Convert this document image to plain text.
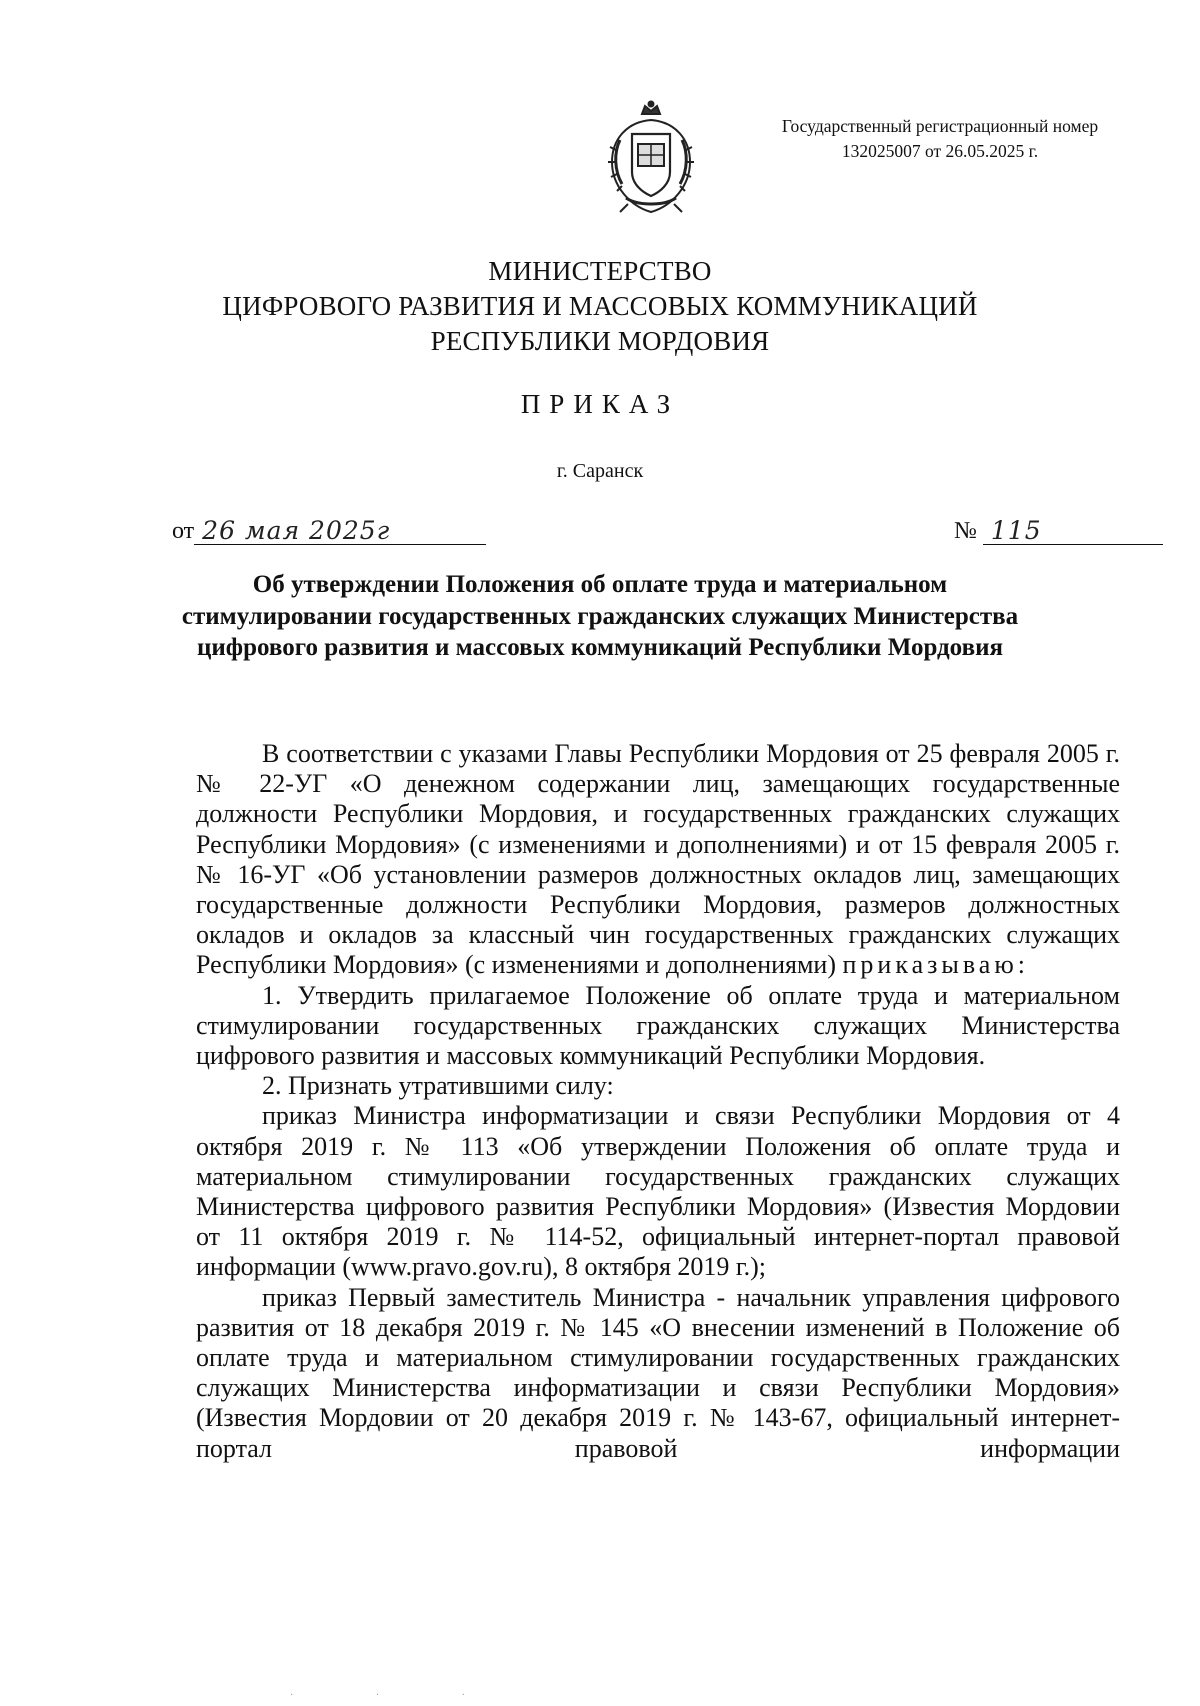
Государственный регистрационный номер
132025007 от 26.05.2025 г.
МИНИСТЕРСТВО
ЦИФРОВОГО РАЗВИТИЯ И МАССОВЫХ КОММУНИКАЦИЙ
РЕСПУБЛИКИ МОРДОВИЯ
ПРИКАЗ
г. Саранск
от 26 мая 2025г	№ 115
Об утверждении Положения об оплате труда и материальном стимулировании государственных гражданских служащих Министерства цифрового развития и массовых коммуникаций Республики Мордовия

В соответствии с указами Главы Республики Мордовия от 25 февраля 2005 г. № 22-УГ «О денежном содержании лиц, замещающих государственные должности Республики Мордовия, и государственных гражданских служащих Республики Мордовия» (с изменениями и дополнениями) и от 15 февраля 2005 г. № 16-УГ «Об установлении размеров должностных окладов лиц, замещающих государственные должности Республики Мордовия, размеров должностных окладов и окладов за классный чин государственных гражданских служащих Республики Мордовия» (с изменениями и дополнениями) приказываю:

1. Утвердить прилагаемое Положение об оплате труда и материальном стимулировании государственных гражданских служащих Министерства цифрового развития и массовых коммуникаций Республики Мордовия.

2. Признать утратившими силу:

приказ Министра информатизации и связи Республики Мордовия от 4 октября 2019 г. № 113 «Об утверждении Положения об оплате труда и материальном стимулировании государственных гражданских служащих Министерства цифрового развития Республики Мордовия» (Известия Мордовии от 11 октября 2019 г. № 114-52, официальный интернет-портал правовой информации (www.pravo.gov.ru), 8 октября 2019 г.);

приказ Первый заместитель Министра - начальник управления цифрового развития от 18 декабря 2019 г. № 145 «О внесении изменений в Положение об оплате труда и материальном стимулировании государственных гражданских служащих Министерства информатизации и связи Республики Мордовия» (Известия Мордовии от 20 декабря 2019 г. № 143-67, официальный интернет-портал правовой информации

· · ·
